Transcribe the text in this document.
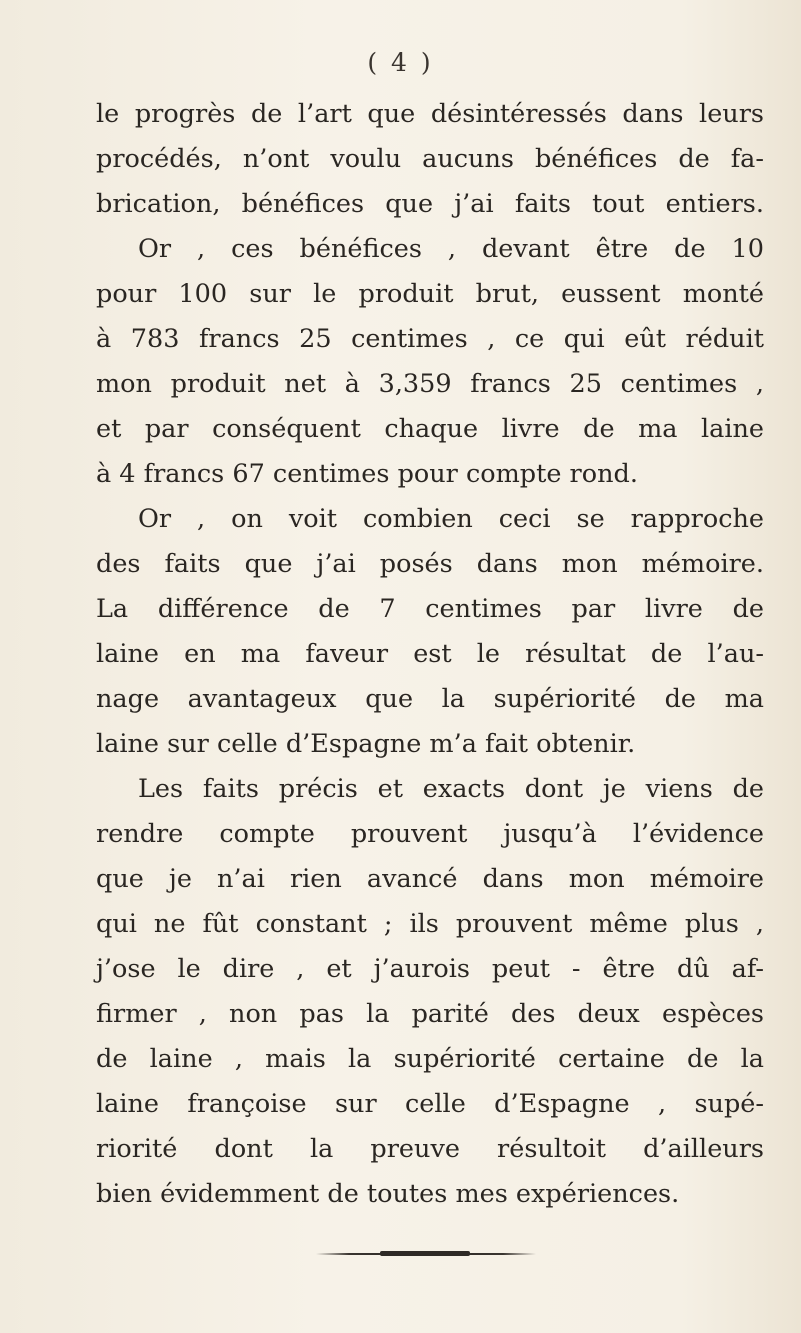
( 4 )
le progrès de l’art que désintéressés dans leurs
procédés, n’ont voulu aucuns bénéfices de fa-
brication, bénéfices que j’ai faits tout entiers.
Or , ces bénéfices , devant être de 10
pour 100 sur le produit brut, eussent monté
à 783 francs 25 centimes , ce qui eût réduit
mon produit net à 3,359 francs 25 centimes ,
et par conséquent chaque livre de ma laine
à 4 francs 67 centimes pour compte rond.
Or , on voit combien ceci se rapproche
des faits que j’ai posés dans mon mémoire.
La différence de 7 centimes par livre de
laine en ma faveur est le résultat de l’au-
nage avantageux que la supériorité de ma
laine sur celle d’Espagne m’a fait obtenir.
Les faits précis et exacts dont je viens de
rendre compte prouvent jusqu’à l’évidence
que je n’ai rien avancé dans mon mémoire
qui ne fût constant ; ils prouvent même plus ,
j’ose le dire , et j’aurois peut - être dû af-
firmer , non pas la parité des deux espèces
de laine , mais la supériorité certaine de la
laine françoise sur celle d’Espagne , supé-
riorité dont la preuve résultoit d’ailleurs
bien évidemment de toutes mes expériences.
